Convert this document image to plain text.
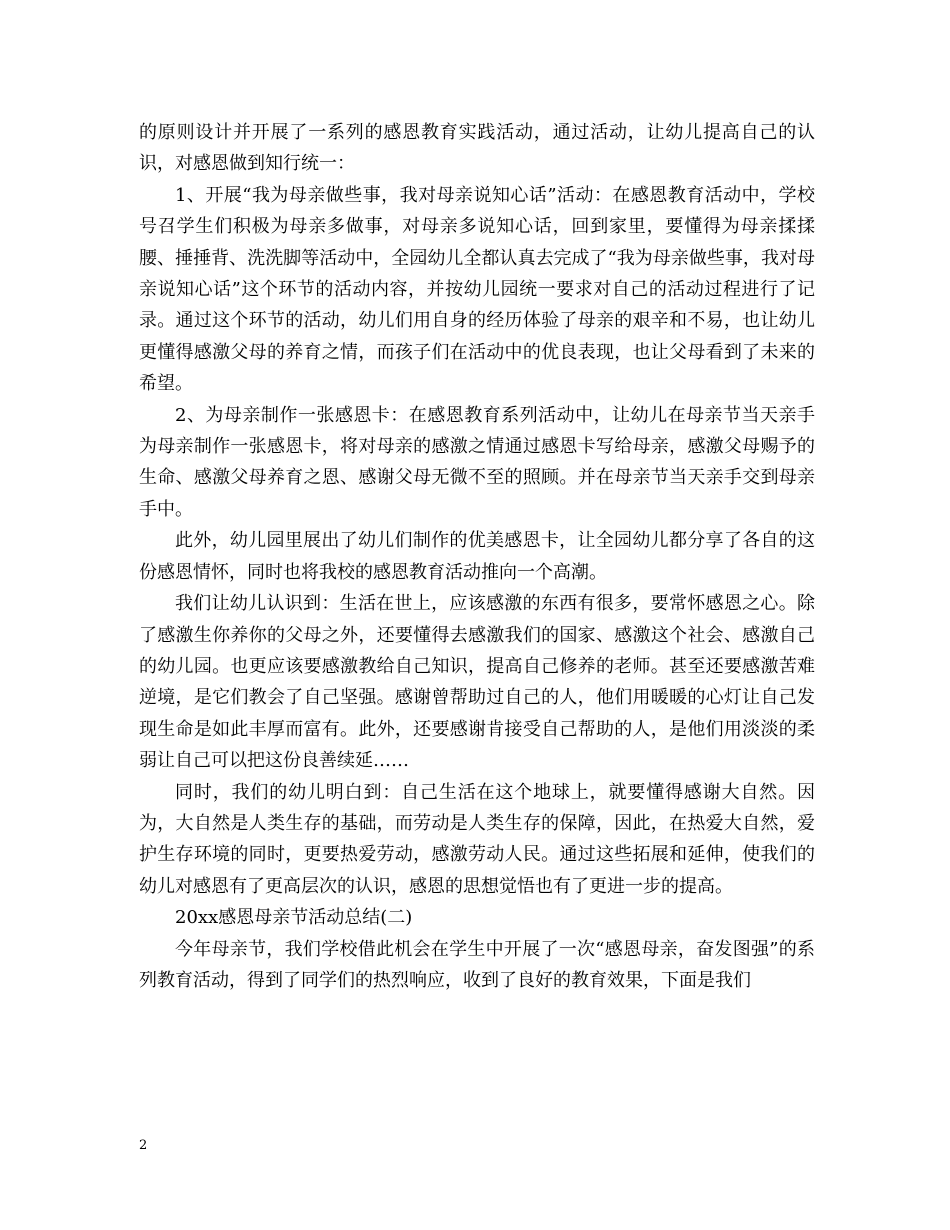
的原则设计并开展了一系列的感恩教育实践活动，通过活动，让幼儿提高自己的认识，对感恩做到知行统一：

1、开展“我为母亲做些事，我对母亲说知心话”活动：在感恩教育活动中，学校号召学生们积极为母亲多做事，对母亲多说知心话，回到家里，要懂得为母亲揉揉腰、捶捶背、洗洗脚等活动中，全园幼儿全都认真去完成了“我为母亲做些事，我对母亲说知心话”这个环节的活动内容，并按幼儿园统一要求对自己的活动过程进行了记录。通过这个环节的活动，幼儿们用自身的经历体验了母亲的艰辛和不易，也让幼儿更懂得感激父母的养育之情，而孩子们在活动中的优良表现，也让父母看到了未来的希望。

2、为母亲制作一张感恩卡：在感恩教育系列活动中，让幼儿在母亲节当天亲手为母亲制作一张感恩卡，将对母亲的感激之情通过感恩卡写给母亲，感激父母赐予的生命、感激父母养育之恩、感谢父母无微不至的照顾。并在母亲节当天亲手交到母亲手中。

此外，幼儿园里展出了幼儿们制作的优美感恩卡，让全园幼儿都分享了各自的这份感恩情怀，同时也将我校的感恩教育活动推向一个高潮。

我们让幼儿认识到：生活在世上，应该感激的东西有很多，要常怀感恩之心。除了感激生你养你的父母之外，还要懂得去感激我们的国家、感激这个社会、感激自己的幼儿园。也更应该要感激教给自己知识，提高自己修养的老师。甚至还要感激苦难逆境，是它们教会了自己坚强。感谢曾帮助过自己的人，他们用暖暖的心灯让自己发现生命是如此丰厚而富有。此外，还要感谢肯接受自己帮助的人，是他们用淡淡的柔弱让自己可以把这份良善续延……

同时，我们的幼儿明白到：自己生活在这个地球上，就要懂得感谢大自然。因为，大自然是人类生存的基础，而劳动是人类生存的保障，因此，在热爱大自然，爱护生存环境的同时，更要热爱劳动，感激劳动人民。通过这些拓展和延伸，使我们的幼儿对感恩有了更高层次的认识，感恩的思想觉悟也有了更进一步的提高。

20xx感恩母亲节活动总结(二)

今年母亲节，我们学校借此机会在学生中开展了一次“感恩母亲，奋发图强”的系列教育活动，得到了同学们的热烈响应，收到了良好的教育效果，下面是我们

2
